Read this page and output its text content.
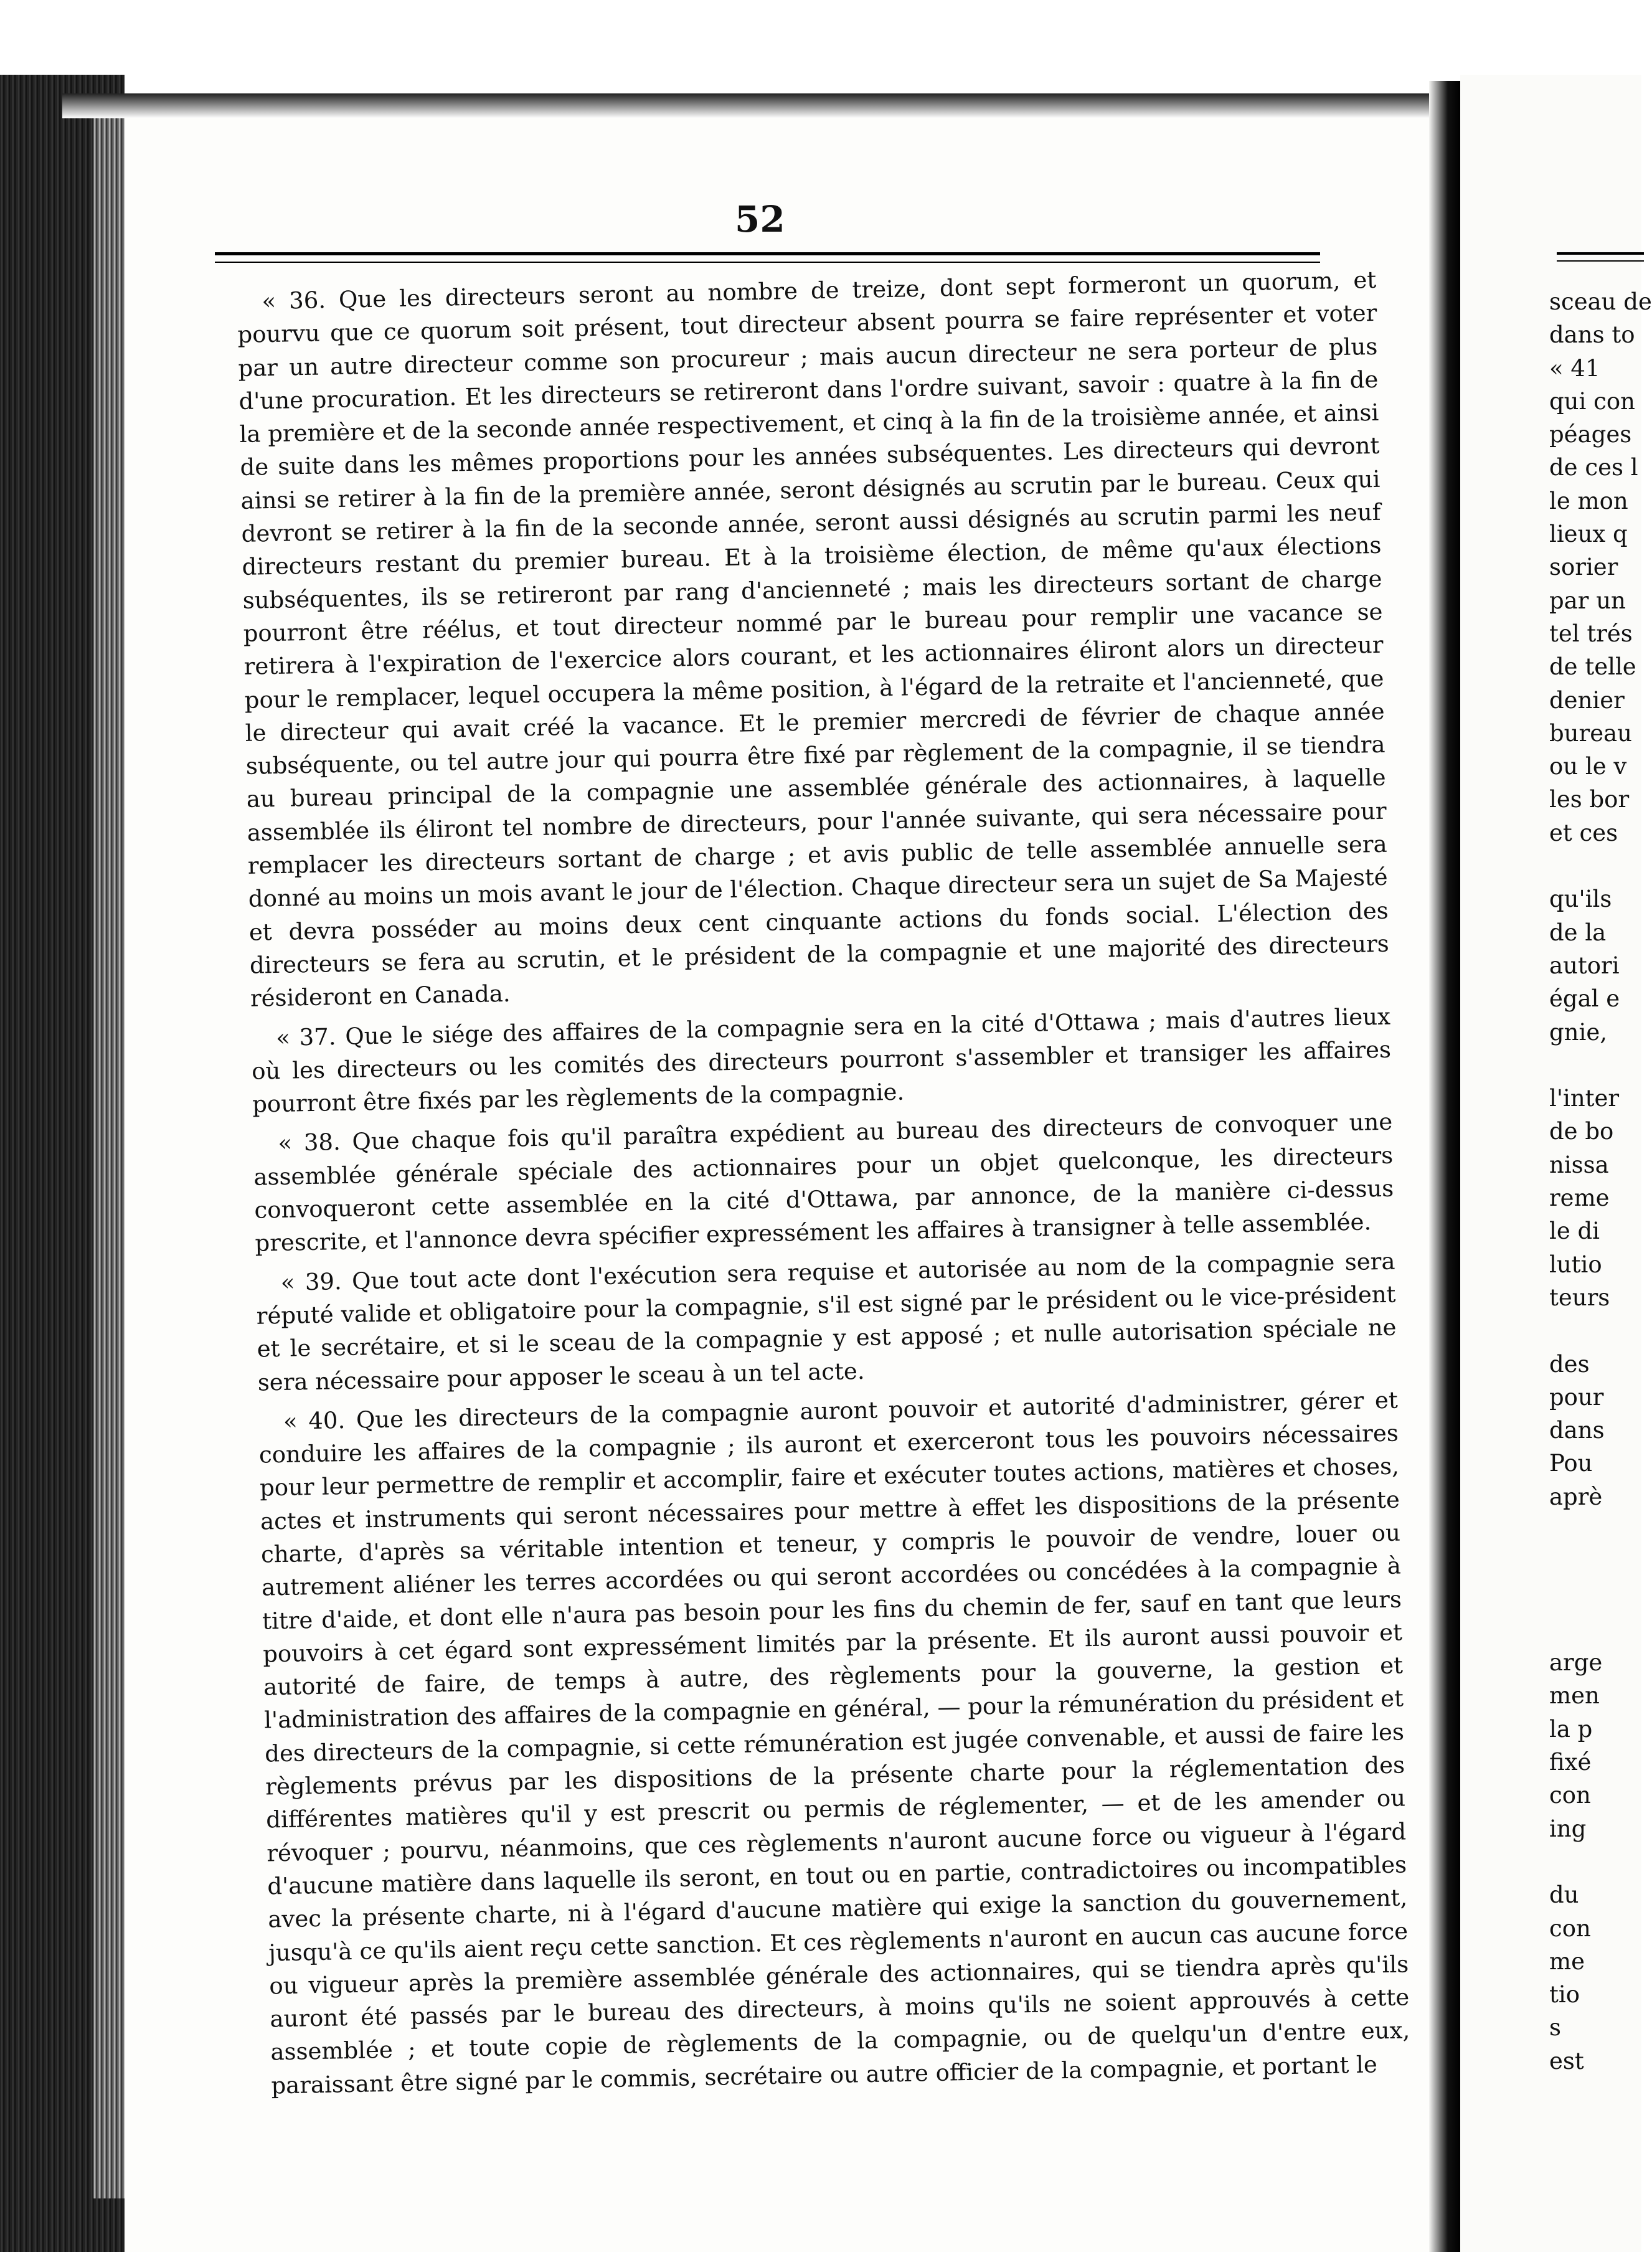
52

« 36. Que les directeurs seront au nombre de treize, dont sept formeront un quorum, et pourvu que ce quorum soit présent, tout directeur absent pourra se faire représenter et voter par un autre directeur comme son procureur ; mais aucun directeur ne sera porteur de plus d'une procuration. Et les directeurs se retireront dans l'ordre suivant, savoir : quatre à la fin de la première et de la seconde année respectivement, et cinq à la fin de la troisième année, et ainsi de suite dans les mêmes proportions pour les années subséquentes. Les directeurs qui devront ainsi se retirer à la fin de la première année, seront désignés au scrutin par le bureau. Ceux qui devront se retirer à la fin de la seconde année, seront aussi désignés au scrutin parmi les neuf directeurs restant du premier bureau. Et à la troisième élection, de même qu'aux élections subséquentes, ils se retireront par rang d'ancienneté ; mais les directeurs sortant de charge pourront être réélus, et tout directeur nommé par le bureau pour remplir une vacance se retirera à l'expiration de l'exercice alors courant, et les actionnaires éliront alors un directeur pour le remplacer, lequel occupera la même position, à l'égard de la retraite et l'ancienneté, que le directeur qui avait créé la vacance. Et le premier mercredi de février de chaque année subséquente, ou tel autre jour qui pourra être fixé par règlement de la compagnie, il se tiendra au bureau principal de la compagnie une assemblée générale des actionnaires, à laquelle assemblée ils éliront tel nombre de directeurs, pour l'année suivante, qui sera nécessaire pour remplacer les directeurs sortant de charge ; et avis public de telle assemblée annuelle sera donné au moins un mois avant le jour de l'élection. Chaque directeur sera un sujet de Sa Majesté et devra posséder au moins deux cent cinquante actions du fonds social. L'élection des directeurs se fera au scrutin, et le président de la compagnie et une majorité des directeurs résideront en Canada.

« 37. Que le siége des affaires de la compagnie sera en la cité d'Ottawa ; mais d'autres lieux où les directeurs ou les comités des directeurs pourront s'assembler et transiger les affaires pourront être fixés par les règlements de la compagnie.

« 38. Que chaque fois qu'il paraîtra expédient au bureau des directeurs de convoquer une assemblée générale spéciale des actionnaires pour un objet quelconque, les directeurs convoqueront cette assemblée en la cité d'Ottawa, par annonce, de la manière ci-dessus prescrite, et l'annonce devra spécifier expressément les affaires à transigner à telle assemblée.

« 39. Que tout acte dont l'exécution sera requise et autorisée au nom de la compagnie sera réputé valide et obligatoire pour la compagnie, s'il est signé par le président ou le vice-président et le secrétaire, et si le sceau de la compagnie y est apposé ; et nulle autorisation spéciale ne sera nécessaire pour apposer le sceau à un tel acte.

« 40. Que les directeurs de la compagnie auront pouvoir et autorité d'administrer, gérer et conduire les affaires de la compagnie ; ils auront et exerceront tous les pouvoirs nécessaires pour leur permettre de remplir et accomplir, faire et exécuter toutes actions, matières et choses, actes et instruments qui seront nécessaires pour mettre à effet les dispositions de la présente charte, d'après sa véritable intention et teneur, y compris le pouvoir de vendre, louer ou autrement aliéner les terres accordées ou qui seront accordées ou concédées à la compagnie à titre d'aide, et dont elle n'aura pas besoin pour les fins du chemin de fer, sauf en tant que leurs pouvoirs à cet égard sont expressément limités par la présente. Et ils auront aussi pouvoir et autorité de faire, de temps à autre, des règlements pour la gouverne, la gestion et l'administration des affaires de la compagnie en général, — pour la rémunération du président et des directeurs de la compagnie, si cette rémunération est jugée convenable, et aussi de faire les règlements prévus par les dispositions de la présente charte pour la réglementation des différentes matières qu'il y est prescrit ou permis de réglementer, — et de les amender ou révoquer ; pourvu, néanmoins, que ces règlements n'auront aucune force ou vigueur à l'égard d'aucune matière dans laquelle ils seront, en tout ou en partie, contradictoires ou incompatibles avec la présente charte, ni à l'égard d'aucune matière qui exige la sanction du gouvernement, jusqu'à ce qu'ils aient reçu cette sanction. Et ces règlements n'auront en aucun cas aucune force ou vigueur après la première assemblée générale des actionnaires, qui se tiendra après qu'ils auront été passés par le bureau des directeurs, à moins qu'ils ne soient approuvés à cette assemblée ; et toute copie de règlements de la compagnie, ou de quelqu'un d'entre eux, paraissant être signé par le commis, secrétaire ou autre officier de la compagnie, et portant le

sceau de
dans to
« 41
qui con
péages
de ces l
le mon
lieux q
sorier
par un
tel trés
de telle
denier
bureau
ou le v
les bor
et ces
qu'ils
de la
autori
égal e
gnie,
l'inter
de bo
nissa
reme
le di
lutio
teurs
des
pour
dans
Pou
aprè
arge
men
la p
fixé
con
ing
du
con
me
tio
s
est
